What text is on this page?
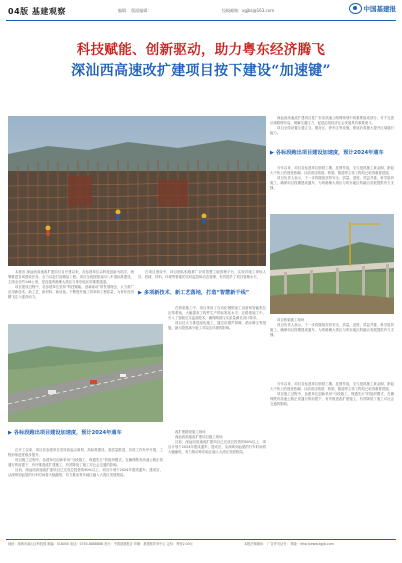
04版 基建观察	编辑： 版面编辑：	投稿邮箱：xgjbs@163.com	中国基建报
科技赋能、创新驱动，助力粤东经济腾飞
深汕西高速改扩建项目按下建设“加速键”

本报讯 深汕西高速改扩建项目自开建以来，各参建单位以科技创新为抓手，统筹推进各项建设任务，全力以赴打造精品工程。项目全线按照双向八车道标准建设，主线全长约146公里，是连接粤港澳大湾区与粤东地区的重要通道。

项目建设过程中，各参建单位坚持“科技赋能、创新驱动”的发展理念，大力推广应用新技术、新工艺、新材料、新设备，不断提升施工效率和工程质量，为粤东经济腾飞注入强劲动力。

在项目建设中，项目团队积极推广应用智慧工地管理平台，实现对施工现场人员、机械、材料、环境等要素的实时监控和动态管理，有效提升了项目管理水平。

▶ 多项新技术、新工艺落地，打造“智慧新干线”

在桥梁施工中，项目采用了自动化钢筋加工设备和智能张拉压浆系统，大幅提高了构件生产的标准化水平；在路基施工中，引入了智能压实监测技术，确保路基压实质量满足设计要求。

项目还大力推进绿色施工，通过设置声屏障、洒水降尘等措施，最大限度减少施工对周边环境的影响。

深汕西高速改扩建项目是广东省高速公路网规划中的重要组成部分，对于完善区域路网布局、缓解交通压力、促进沿线经济社会发展具有重要意义。

项目全线设置互通立交、服务区、停车区等设施，建成后将极大提升区域通行能力。

▶ 各标段跑出项目建设加速度，预计2024年通车

今年以来，项目各参建单位倒排工期、挂图作战，全力抢抓施工黄金期，掀起大干快上的建设热潮。目前项目路基、桥梁、隧道等主体工程均已取得重要进展。

项目负责人表示，下一步将继续坚持安全、质量、进度、效益并重，科学组织施工，确保项目按期建成通车，为粤港澳大湾区与粤东地区的融合发展提供有力支撑。

项目桥梁施工现场

项目负责人表示，下一步将继续坚持安全、质量、进度、效益并重，科学组织施工，确保项目按期建成通车，为粤港澳大湾区与粤东地区的融合发展提供有力支撑。

▶ 各标段跑出项目建设加速度，预计2024年通车

自开工以来，项目各参建单位坚持高起点谋划、高标准建设、高质量推进，各项工作有序开展，工程形象进度稳步提升。

项目施工过程中，参建单位创新采用“分段施工、保通先行”的组织模式，在确保既有高速公路正常通行的前提下，有序推进改扩建施工，有效降低了施工对社会交通的影响。

目前，深汕西高速改扩建项目已完成总投资的60%以上，项目计划于2024年建成通车。建成后，从深圳到汕尾的行车时间将大幅缩短，有力推动粤东地区融入大湾区发展格局。

改扩建路段施工现场

深汕西高速改扩建项目施工现场

目前，深汕西高速改扩建项目已完成总投资的60%以上，项目计划于2024年建成通车。建成后，从深圳到汕尾的行车时间将大幅缩短，有力推动粤东地区融入大湾区发展格局。

今年以来，项目各参建单位倒排工期、挂图作战，全力抢抓施工黄金期，掀起大干快上的建设热潮。目前项目路基、桥梁、隧道等主体工程均已取得重要进展。

项目施工过程中，参建单位创新采用“分段施工、保通先行”的组织模式，在确保既有高速公路正常通行的前提下，有序推进改扩建施工，有效降低了施工对社会交通的影响。

地址：深圳市南山区科技园 邮编：518000 电话：0755-8888888 发行：中国基建报社 印刷：基建报印务中心 定价：每份2.00元	本报法律顾问： 广告许可证号： 网址：http://www.zgjjb.com
